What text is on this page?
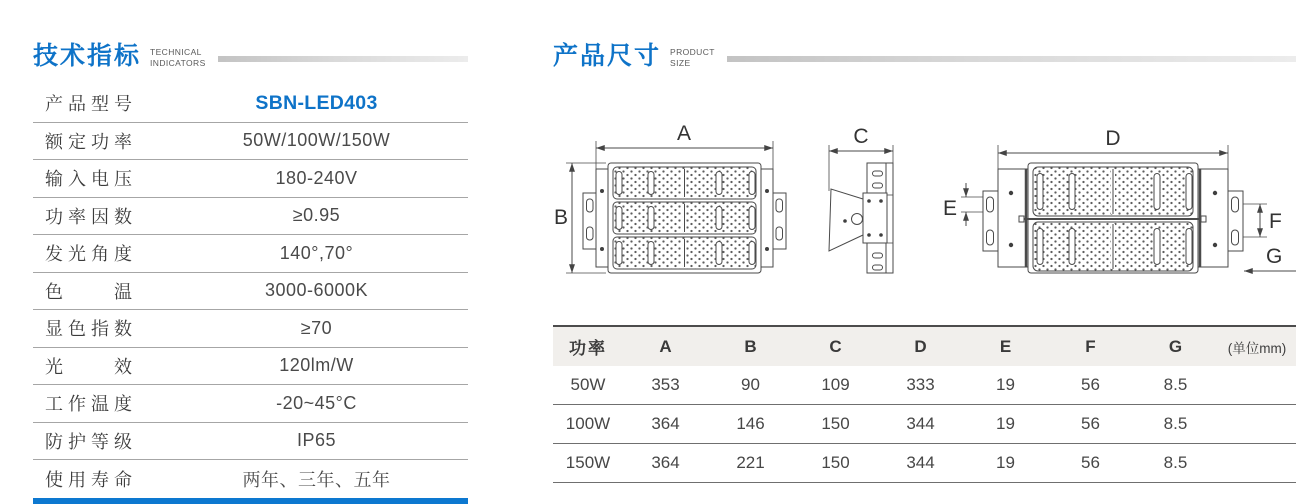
技术指标 TECHNICAL
INDICATORS
产品型号	SBN-LED403
额定功率	50W/100W/150W
输入电压	180-240V
功率因数	≥0.95
发光角度	140°,70°
色　　温	3000-6000K
显色指数	≥70
光　　效	120lm/W
工作温度	-20~45°C
防护等级	IP65
使用寿命	两年、三年、五年
产品尺寸 PRODUCT
SIZE
A
B
C	D
E
F
G
功率	A	B	C	D	E	F	G	(单位mm)
50W	353	90	109	333	19	56	8.5
100W	364	146	150	344	19	56	8.5
150W	364	221	150	344	19	56	8.5
